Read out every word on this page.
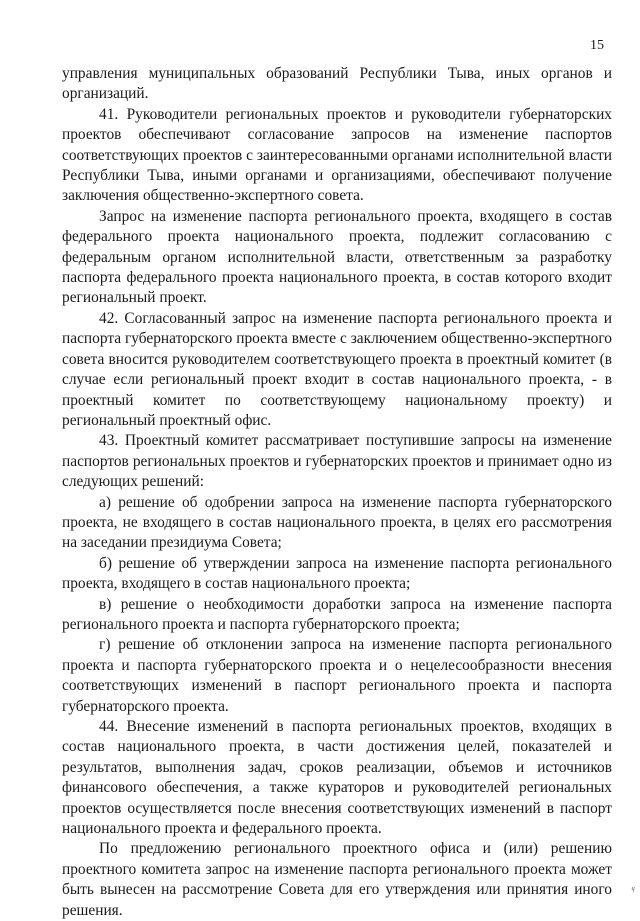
15

управления муниципальных образований Республики Тыва, иных органов и организаций.

41. Руководители региональных проектов и руководители губернаторских проектов обеспечивают согласование запросов на изменение паспортов соответствующих проектов с заинтересованными органами исполнительной власти Республики Тыва, иными органами и организациями, обеспечивают получение заключения общественно-экспертного совета.

Запрос на изменение паспорта регионального проекта, входящего в состав федерального проекта национального проекта, подлежит согласованию с федеральным органом исполнительной власти, ответственным за разработку паспорта федерального проекта национального проекта, в состав которого входит региональный проект.

42. Согласованный запрос на изменение паспорта регионального проекта и паспорта губернаторского проекта вместе с заключением общественно-экспертного совета вносится руководителем соответствующего проекта в проектный комитет (в случае если региональный проект входит в состав национального проекта, - в проектный комитет по соответствующему национальному проекту) и региональный проектный офис.

43. Проектный комитет рассматривает поступившие запросы на изменение паспортов региональных проектов и губернаторских проектов и принимает одно из следующих решений:

а) решение об одобрении запроса на изменение паспорта губернаторского проекта, не входящего в состав национального проекта, в целях его рассмотрения на заседании президиума Совета;

б) решение об утверждении запроса на изменение паспорта регионального проекта, входящего в состав национального проекта;

в) решение о необходимости доработки запроса на изменение паспорта регионального проекта и паспорта губернаторского проекта;

г) решение об отклонении запроса на изменение паспорта регионального проекта и паспорта губернаторского проекта и о нецелесообразности внесения соответствующих изменений в паспорт регионального проекта и паспорта губернаторского проекта.

44. Внесение изменений в паспорта региональных проектов, входящих в состав национального проекта, в части достижения целей, показателей и результатов, выполнения задач, сроков реализации, объемов и источников финансового обеспечения, а также кураторов и руководителей региональных проектов осуществляется после внесения соответствующих изменений в паспорт национального проекта и федерального проекта.

По предложению регионального проектного офиса и (или) решению проектного комитета запрос на изменение паспорта регионального проекта может быть вынесен на рассмотрение Совета для его утверждения или принятия иного решения.

ᶣ
